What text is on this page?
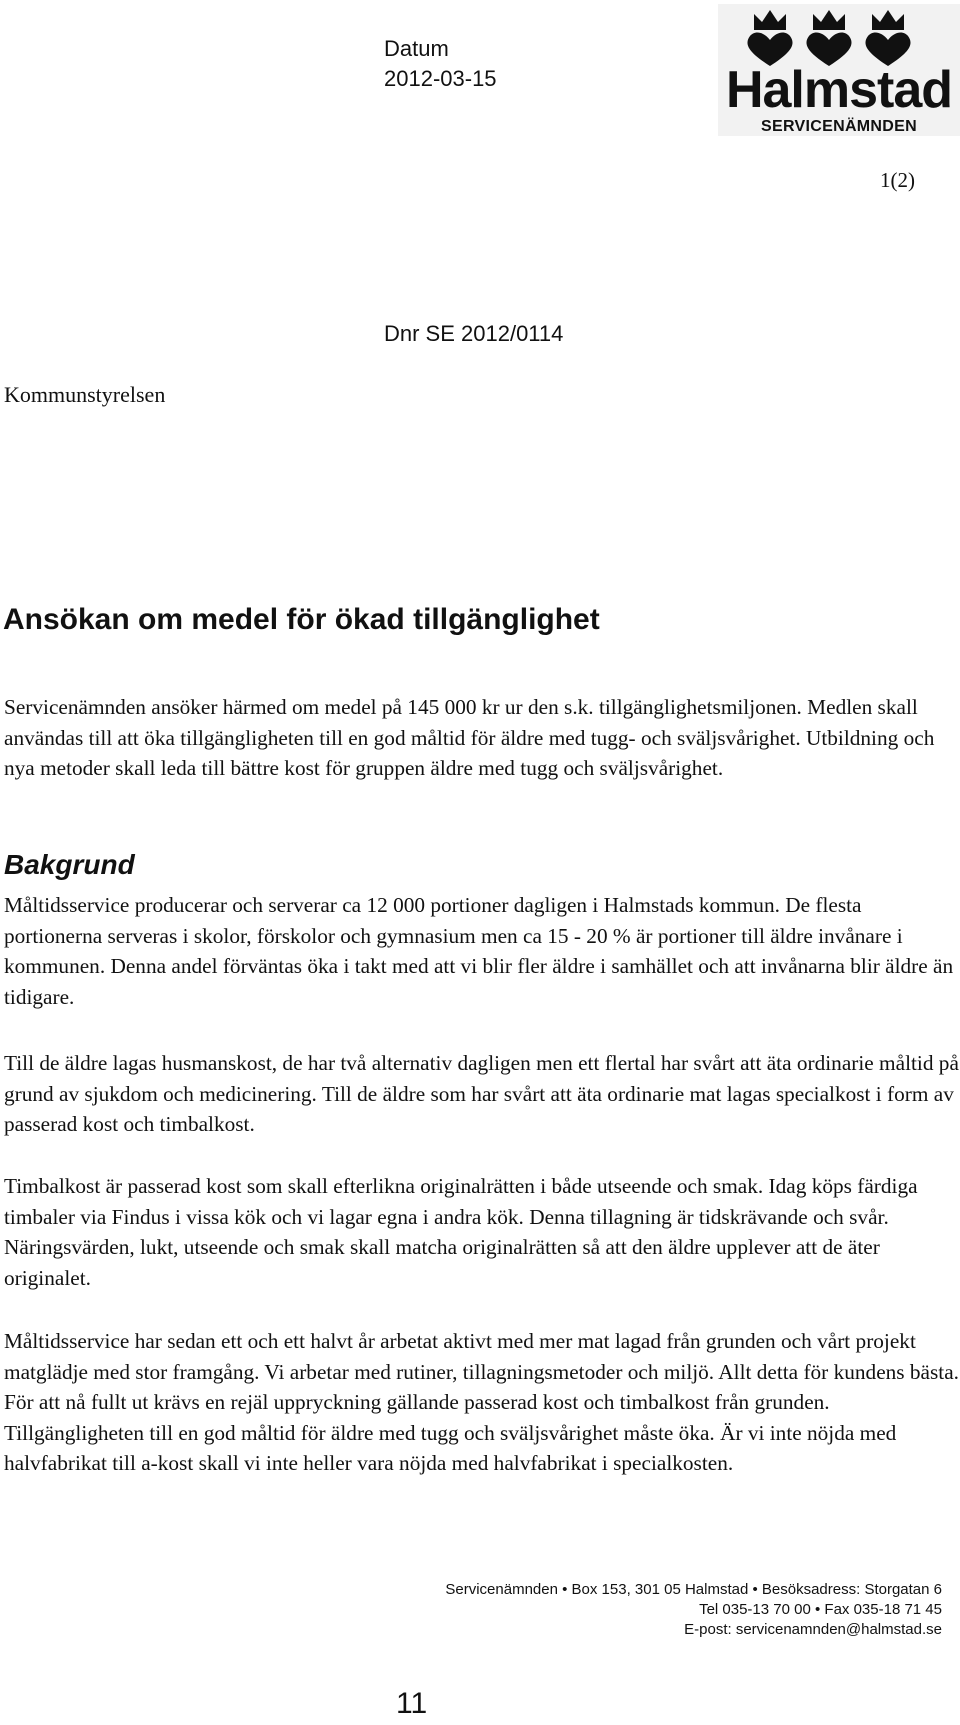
Halmstad
SERVICENÄMNDEN
1(2)
Datum
2012-03-15
Dnr SE 2012/0114
Kommunstyrelsen
Ansökan om medel för ökad tillgänglighet

Servicenämnden ansöker härmed om medel på 145 000 kr ur den s.k. tillgänglighetsmiljonen. Medlen skall användas till att öka tillgängligheten till en god måltid för äldre med tugg- och sväljsvårighet. Utbildning och nya metoder skall leda till bättre kost för gruppen äldre med tugg och sväljsvårighet.

Bakgrund

Måltidsservice producerar och serverar ca 12 000 portioner dagligen i Halmstads kommun. De flesta portionerna serveras i skolor, förskolor och gymnasium men ca 15 - 20 % är portioner till äldre invånare i kommunen. Denna andel förväntas öka i takt med att vi blir fler äldre i samhället och att invånarna blir äldre än tidigare.

Till de äldre lagas husmanskost, de har två alternativ dagligen men ett flertal har svårt att äta ordinarie måltid på grund av sjukdom och medicinering. Till de äldre som har svårt att äta ordinarie mat lagas specialkost i form av passerad kost och timbalkost.

Timbalkost är passerad kost som skall efterlikna originalrätten i både utseende och smak. Idag köps färdiga timbaler via Findus i vissa kök och vi lagar egna i andra kök. Denna tillagning är tidskrävande och svår. Näringsvärden, lukt, utseende och smak skall matcha originalrätten så att den äldre upplever att de äter originalet.

Måltidsservice har sedan ett och ett halvt år arbetat aktivt med mer mat lagad från grunden och vårt projekt matglädje med stor framgång. Vi arbetar med rutiner, tillagningsmetoder och miljö. Allt detta för kundens bästa. För att nå fullt ut krävs en rejäl uppryckning gällande passerad kost och timbalkost från grunden. Tillgängligheten till en god måltid för äldre med tugg och sväljsvårighet måste öka. Är vi inte nöjda med halvfabrikat till a-kost skall vi inte heller vara nöjda med halvfabrikat i specialkosten.

Servicenämnden • Box 153, 301 05 Halmstad • Besöksadress: Storgatan 6
Tel 035-13 70 00 • Fax 035-18 71 45
E-post: servicenamnden@halmstad.se
11
